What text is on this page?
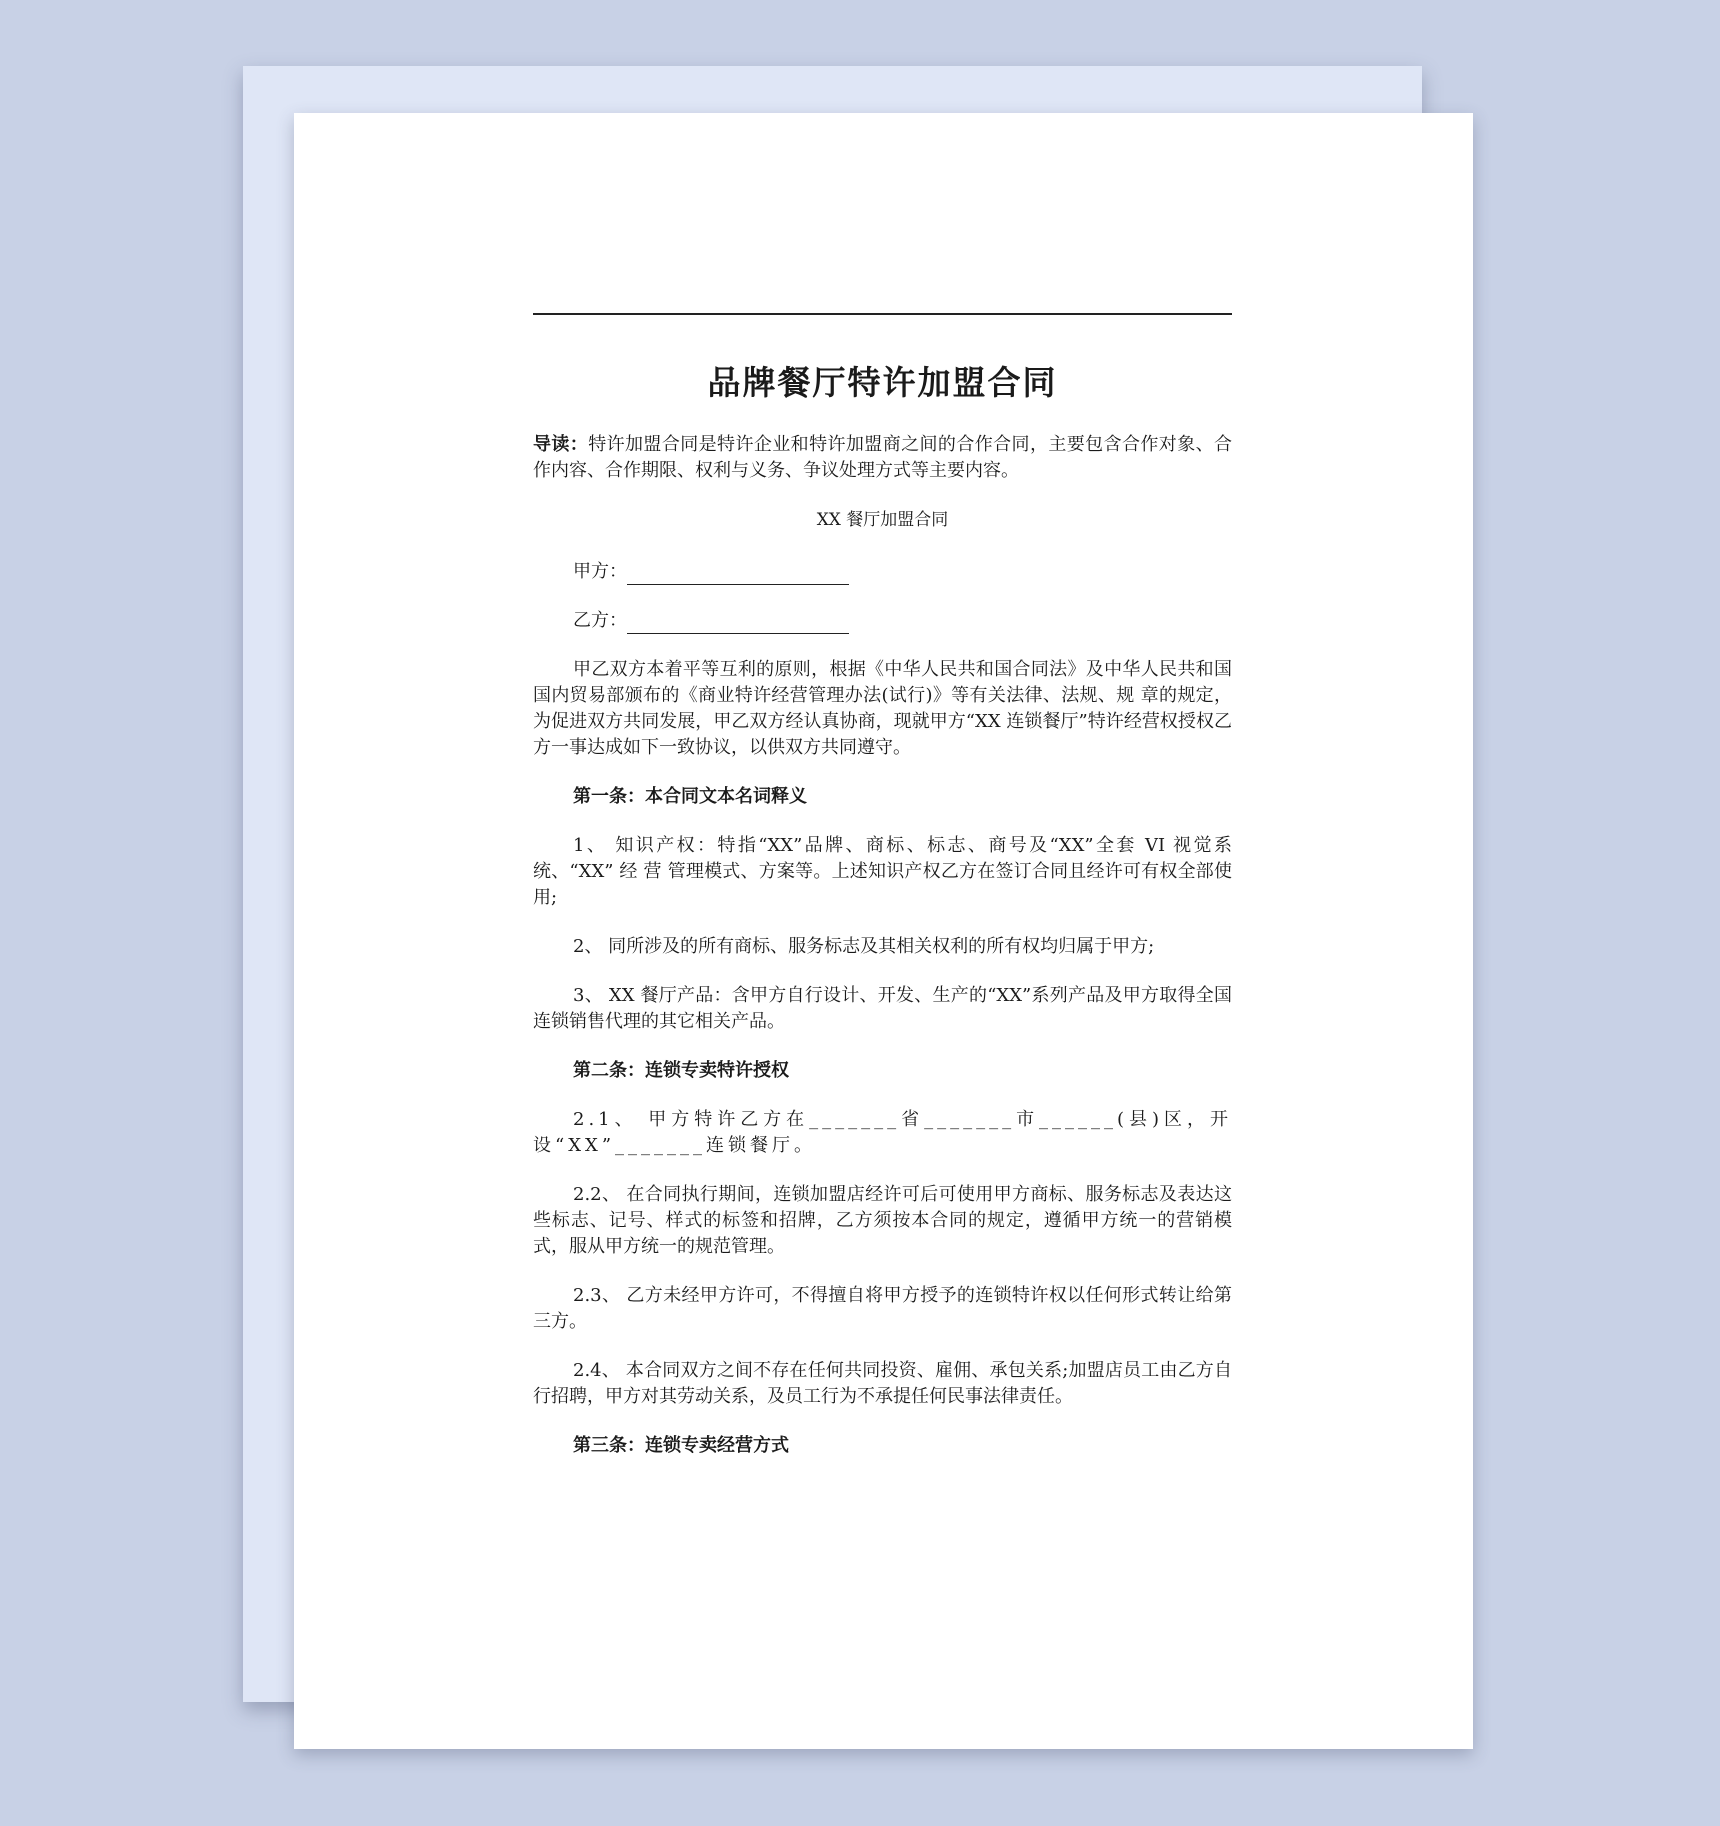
品牌餐厅特许加盟合同

导读：特许加盟合同是特许企业和特许加盟商之间的合作合同，主要包含合作对象、合作内容、合作期限、权利与义务、争议处理方式等主要内容。

XX 餐厅加盟合同

甲方：

乙方：

甲乙双方本着平等互利的原则，根据《中华人民共和国合同法》及中华人民共和国国内贸易部颁布的《商业特许经营管理办法(试行)》等有关法律、法规、规 章的规定，为促进双方共同发展，甲乙双方经认真协商，现就甲方“XX 连锁餐厅”特许经营权授权乙方一事达成如下一致协议，以供双方共同遵守。

第一条：本合同文本名词释义

1、 知识产权：特指“XX”品牌、商标、标志、商号及“XX”全套 VI 视觉系统、“XX” 经 营 管理模式、方案等。上述知识产权乙方在签订合同且经许可有权全部使用;

2、 同所涉及的所有商标、服务标志及其相关权利的所有权均归属于甲方;

3、 XX 餐厅产品：含甲方自行设计、开发、生产的“XX”系列产品及甲方取得全国连锁销售代理的其它相关产品。

第二条：连锁专卖特许授权

2.1、 甲方特许乙方在_______省_______市______(县)区，开设“XX”_______连锁餐厅。

2.2、 在合同执行期间，连锁加盟店经许可后可使用甲方商标、服务标志及表达这些标志、记号、样式的标签和招牌，乙方须按本合同的规定，遵循甲方统一的营销模式，服从甲方统一的规范管理。

2.3、 乙方未经甲方许可，不得擅自将甲方授予的连锁特许权以任何形式转让给第三方。

2.4、 本合同双方之间不存在任何共同投资、雇佣、承包关系;加盟店员工由乙方自行招聘，甲方对其劳动关系，及员工行为不承提任何民事法律责任。

第三条：连锁专卖经营方式
